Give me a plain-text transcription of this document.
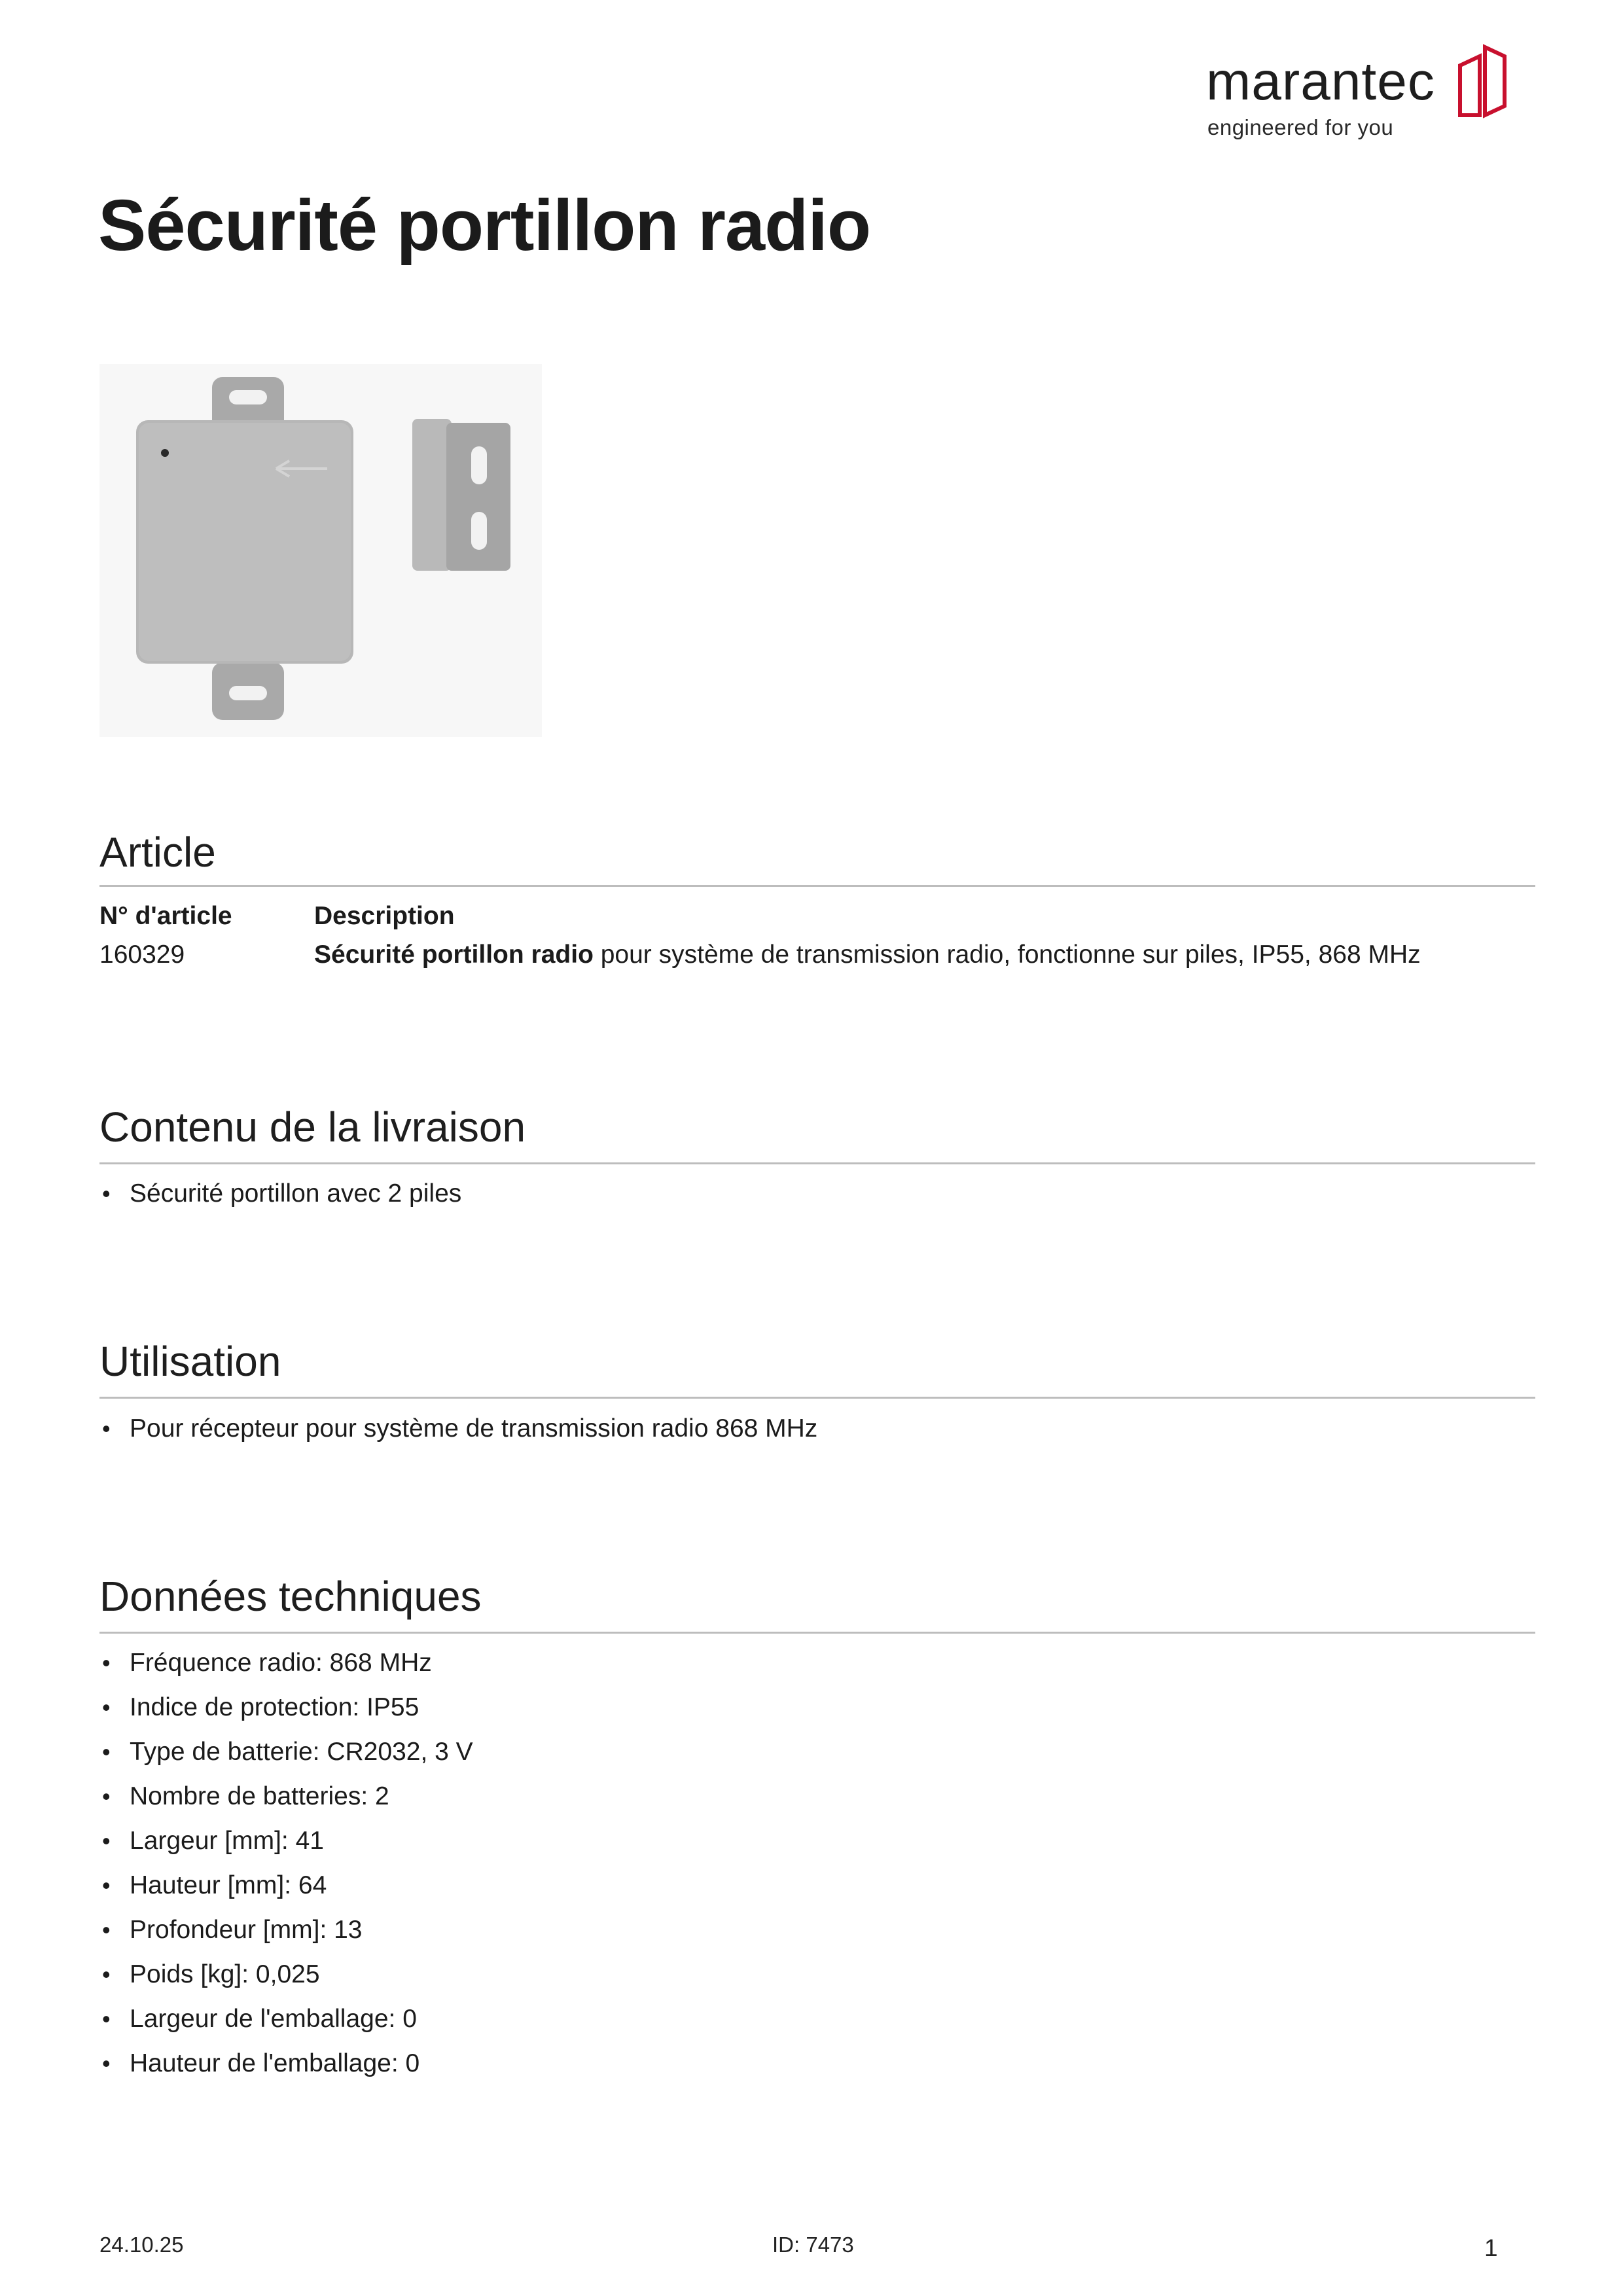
marantec
engineered for you
Sécurité portillon radio
Article
N° d'article	Description
160329	Sécurité portillon radio pour système de transmission radio, fonctionne sur piles, IP55, 868 MHz
Contenu de la livraison
• Sécurité portillon avec 2 piles
Utilisation
• Pour récepteur pour système de transmission radio 868 MHz
Données techniques
• Fréquence radio: 868 MHz
• Indice de protection: IP55
• Type de batterie: CR2032, 3 V
• Nombre de batteries: 2
• Largeur [mm]: 41
• Hauteur [mm]: 64
• Profondeur [mm]: 13
• Poids [kg]: 0,025
• Largeur de l'emballage: 0
• Hauteur de l'emballage: 0
24.10.25	ID: 7473	1
